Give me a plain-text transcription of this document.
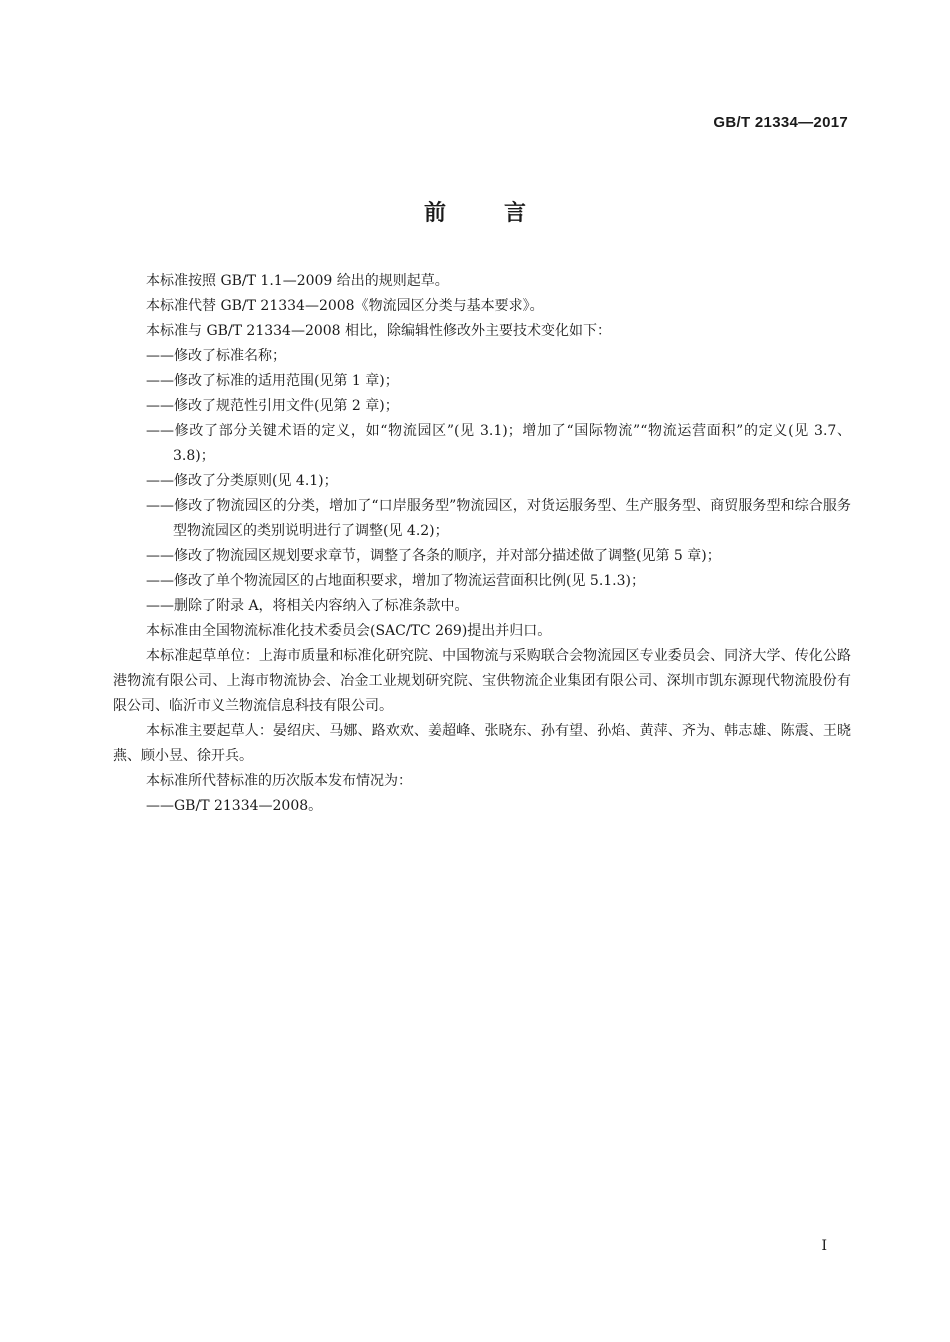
GB/T 21334—2017
前言

本标准按照 GB/T 1.1—2009 给出的规则起草。

本标准代替 GB/T 21334—2008《物流园区分类与基本要求》。

本标准与 GB/T 21334—2008 相比，除编辑性修改外主要技术变化如下：

——修改了标准名称；

——修改了标准的适用范围(见第 1 章)；

——修改了规范性引用文件(见第 2 章)；

——修改了部分关键术语的定义，如“物流园区”(见 3.1)；增加了“国际物流”“物流运营面积”的定义(见 3.7、3.8)；

——修改了分类原则(见 4.1)；

——修改了物流园区的分类，增加了“口岸服务型”物流园区，对货运服务型、生产服务型、商贸服务型和综合服务型物流园区的类别说明进行了调整(见 4.2)；

——修改了物流园区规划要求章节，调整了各条的顺序，并对部分描述做了调整(见第 5 章)；

——修改了单个物流园区的占地面积要求，增加了物流运营面积比例(见 5.1.3)；

——删除了附录 A，将相关内容纳入了标准条款中。

本标准由全国物流标准化技术委员会(SAC/TC 269)提出并归口。

本标准起草单位：上海市质量和标准化研究院、中国物流与采购联合会物流园区专业委员会、同济大学、传化公路港物流有限公司、上海市物流协会、冶金工业规划研究院、宝供物流企业集团有限公司、深圳市凯东源现代物流股份有限公司、临沂市义兰物流信息科技有限公司。

本标准主要起草人：晏绍庆、马娜、路欢欢、姜超峰、张晓东、孙有望、孙焰、黄萍、齐为、韩志雄、陈震、王晓燕、顾小昱、徐开兵。

本标准所代替标准的历次版本发布情况为：

——GB/T 21334—2008。

I
